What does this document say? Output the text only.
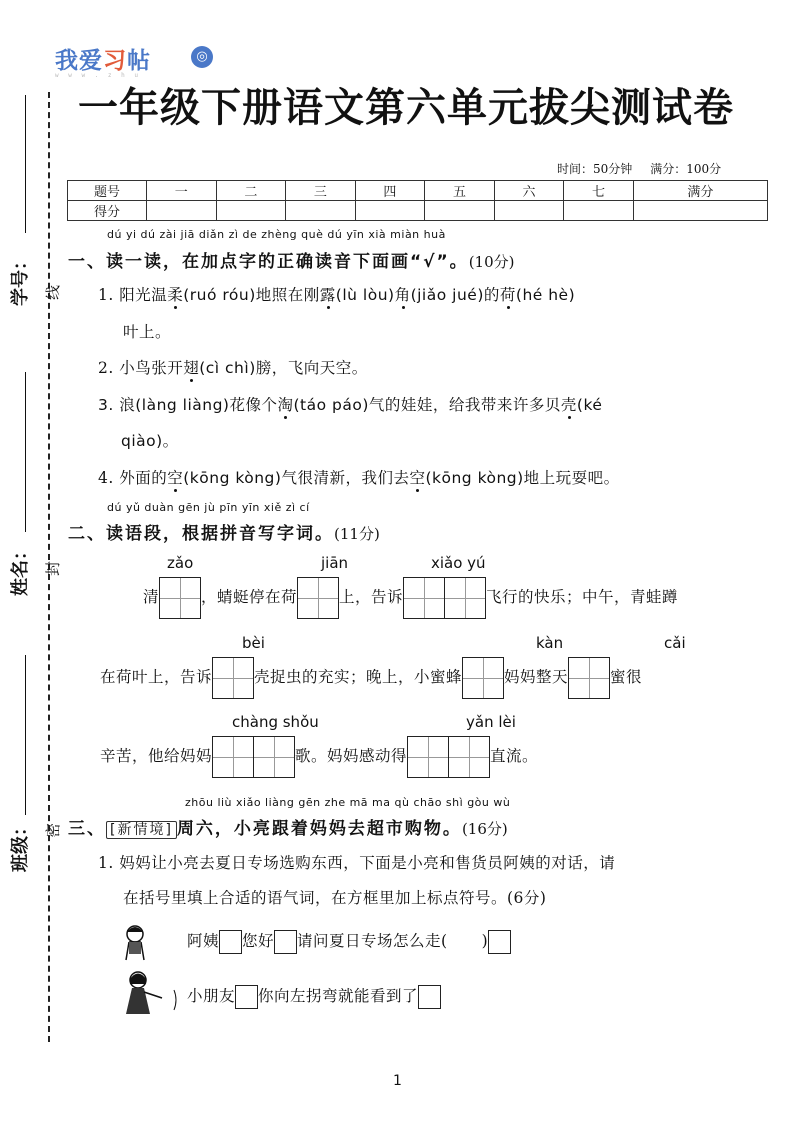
我爱习帖	◎
w w w . z h u
一年级下册语文第六单元拔尖测试卷
时间：50分钟 满分：100分
题号	一	二	三	四	五	六	七	满分
得分								
学号：
姓名：
班级：
线
封
密
dú yi dú zài jiā diǎn zì de zhèng què dú yīn xià miàn huà
一、读一读，在加点字的正确读音下面画“√”。(10分)
1. 阳光温柔(ruó róu)地照在刚露(lù lòu)角(jiǎo jué)的荷(hé hè)
叶上。
2. 小鸟张开翅(cì chì)膀，飞向天空。
3. 浪(làng liàng)花像个淘(táo páo)气的娃娃，给我带来许多贝壳(ké
qiào)。
4. 外面的空(kōng kòng)气很清新，我们去空(kōng kòng)地上玩耍吧。
dú yǔ duàn gēn jù pīn yīn xiě zì cí
二、读语段，根据拼音写字词。(11分)
zǎo	jiān	xiǎo yú
清	，蜻蜓停在荷	上，告诉	飞行的快乐；中午，青蛙蹲
bèi	kàn	cǎi
在荷叶上，告诉	壳捉虫的充实；晚上，小蜜蜂	妈妈整天	蜜很
chàng shǒu	yǎn lèi
辛苦，他给妈妈	歌。妈妈感动得	直流。
zhōu liù xiǎo liàng gēn zhe mā ma qù chāo shì gòu wù
三、 [新情境] 周六，小亮跟着妈妈去超市购物。(16分)
1. 妈妈让小亮去夏日专场选购东西，下面是小亮和售货员阿姨的对话，请
在括号里填上合适的语气词，在方框里加上标点符号。(6分)
阿姨 您好 请问夏日专场怎么走( )
小朋友 你向左拐弯就能看到了
1
